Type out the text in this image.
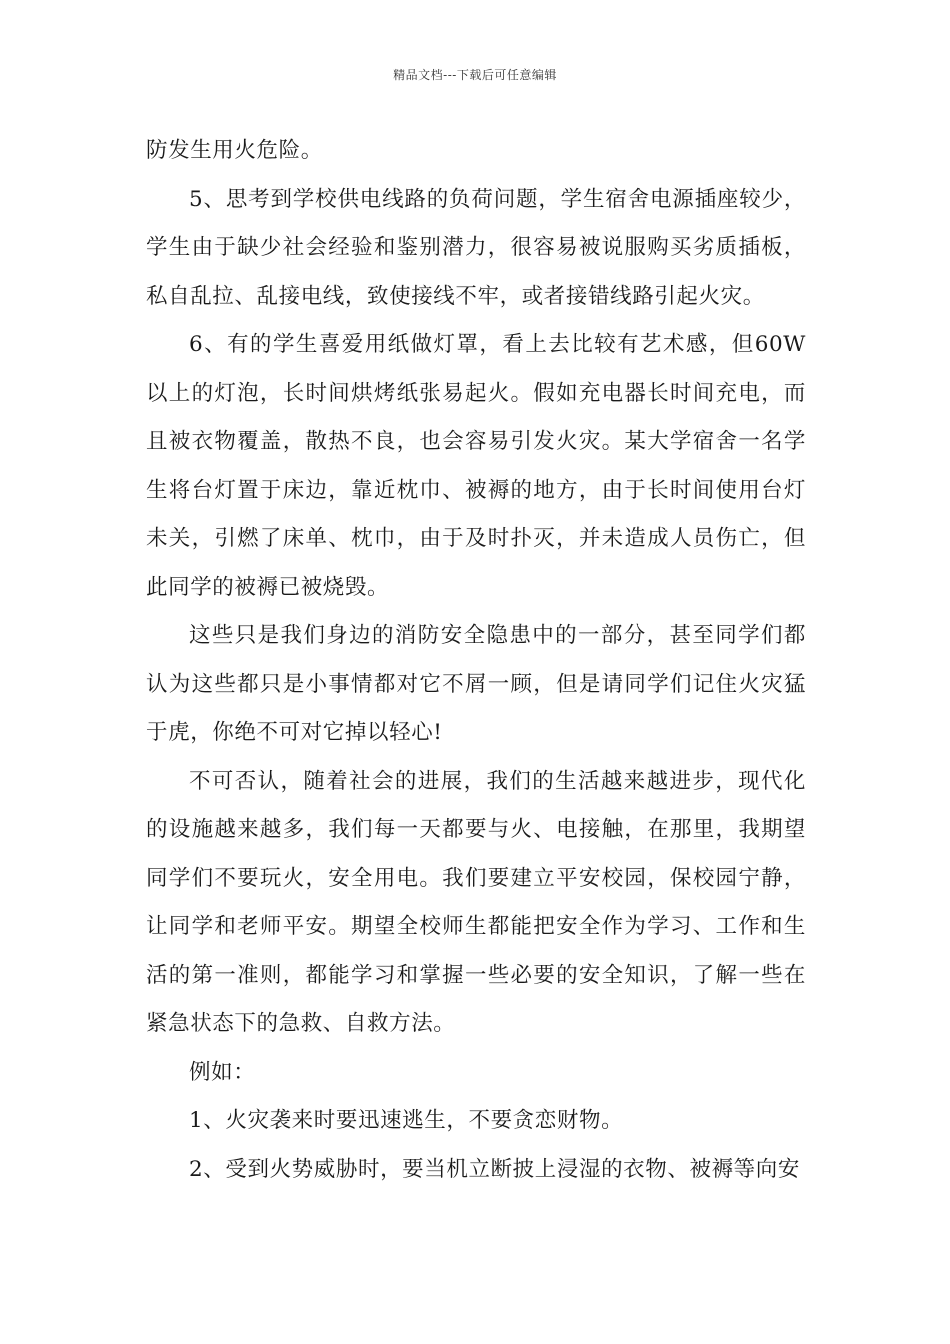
精品文档---下载后可任意编辑

防发生用火危险。

5、思考到学校供电线路的负荷问题，学生宿舍电源插座较少，学生由于缺少社会经验和鉴别潜力，很容易被说服购买劣质插板，私自乱拉、乱接电线，致使接线不牢，或者接错线路引起火灾。

6、有的学生喜爱用纸做灯罩，看上去比较有艺术感，但60W以上的灯泡，长时间烘烤纸张易起火。假如充电器长时间充电，而且被衣物覆盖，散热不良，也会容易引发火灾。某大学宿舍一名学生将台灯置于床边，靠近枕巾、被褥的地方，由于长时间使用台灯未关，引燃了床单、枕巾，由于及时扑灭，并未造成人员伤亡，但此同学的被褥已被烧毁。

这些只是我们身边的消防安全隐患中的一部分，甚至同学们都认为这些都只是小事情都对它不屑一顾，但是请同学们记住火灾猛于虎，你绝不可对它掉以轻心!

不可否认，随着社会的进展，我们的生活越来越进步，现代化的设施越来越多，我们每一天都要与火、电接触，在那里，我期望同学们不要玩火，安全用电。我们要建立平安校园，保校园宁静，让同学和老师平安。期望全校师生都能把安全作为学习、工作和生活的第一准则，都能学习和掌握一些必要的安全知识，了解一些在紧急状态下的急救、自救方法。

例如：

1、火灾袭来时要迅速逃生，不要贪恋财物。

2、受到火势威胁时，要当机立断披上浸湿的衣物、被褥等向安
